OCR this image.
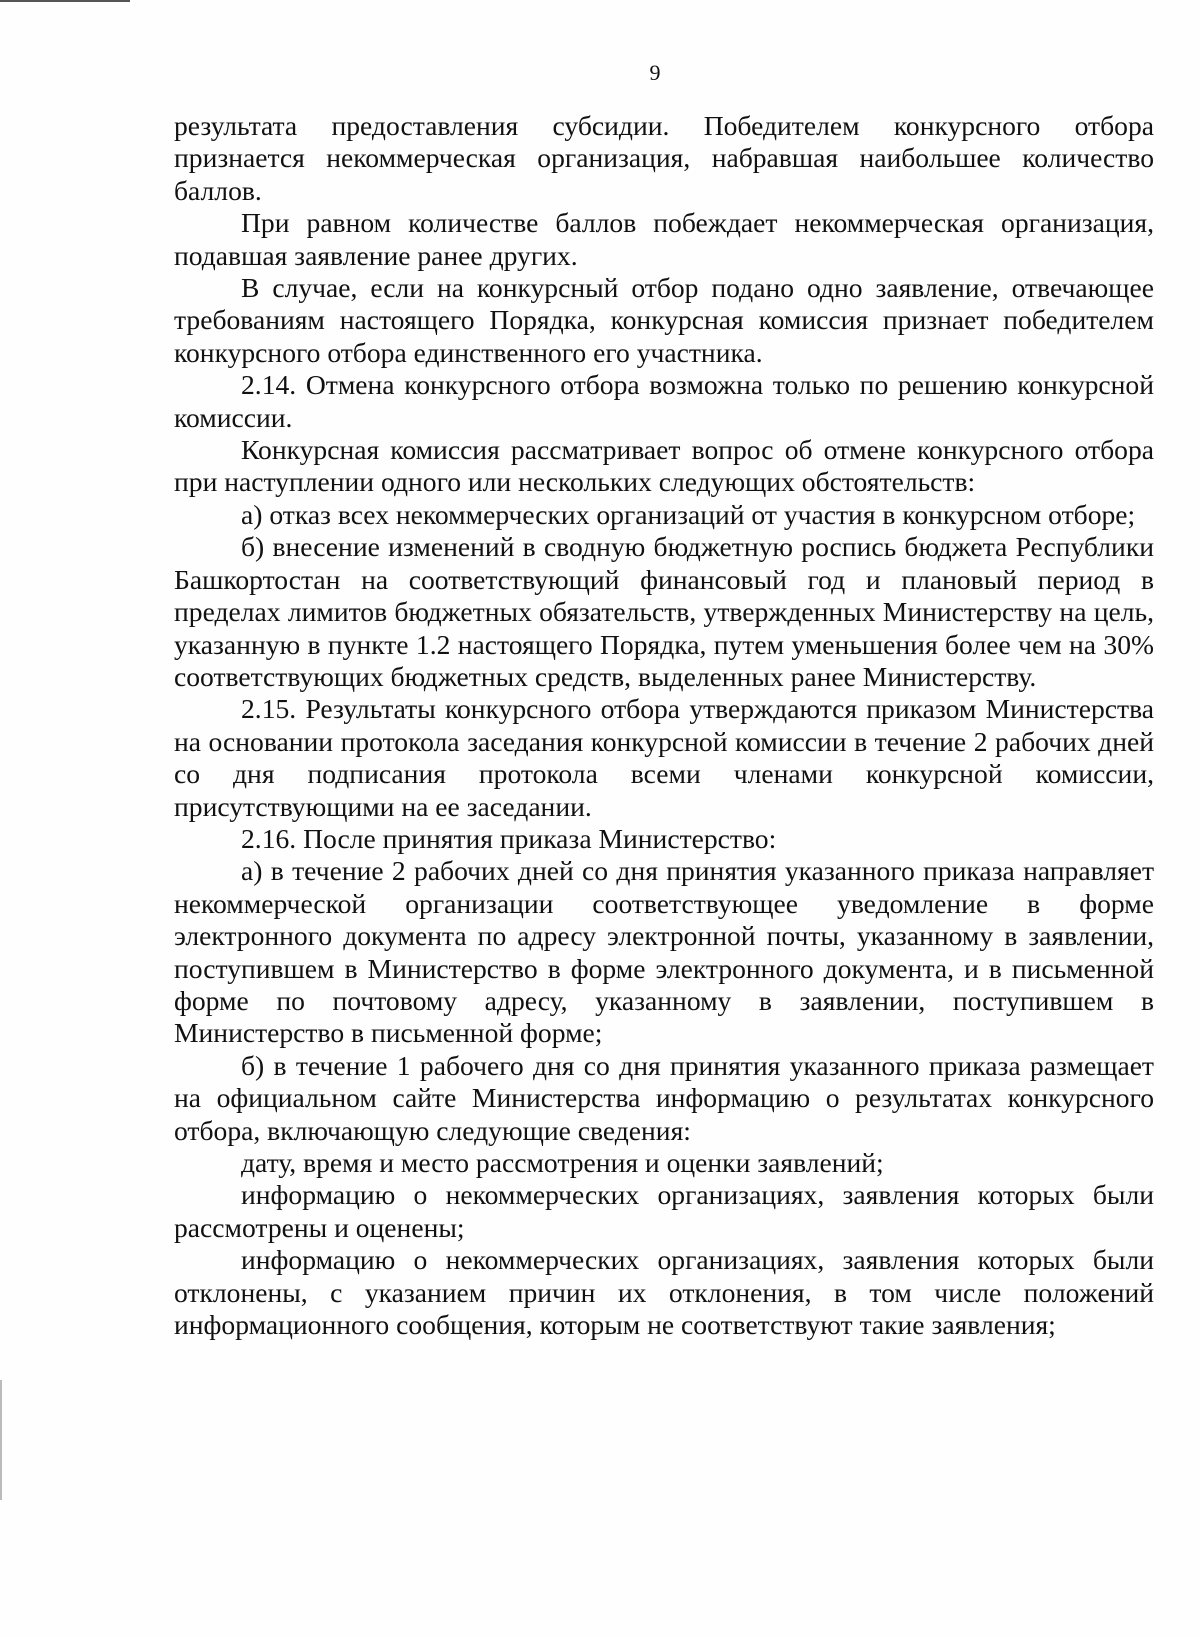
9

результата предоставления субсидии. Победителем конкурсного отбора признается некоммерческая организация, набравшая наибольшее количество баллов.

При равном количестве баллов побеждает некоммерческая организация, подавшая заявление ранее других.

В случае, если на конкурсный отбор подано одно заявление, отвечающее требованиям настоящего Порядка, конкурсная комиссия признает победителем конкурсного отбора единственного его участника.

2.14. Отмена конкурсного отбора возможна только по решению конкурсной комиссии.

Конкурсная комиссия рассматривает вопрос об отмене конкурсного отбора при наступлении одного или нескольких следующих обстоятельств:

а) отказ всех некоммерческих организаций от участия в конкурсном отборе;

б) внесение изменений в сводную бюджетную роспись бюджета Республики Башкортостан на соответствующий финансовый год и плановый период в пределах лимитов бюджетных обязательств, утвержденных Министерству на цель, указанную в пункте 1.2 настоящего Порядка, путем уменьшения более чем на 30% соответствующих бюджетных средств, выделенных ранее Министерству.

2.15. Результаты конкурсного отбора утверждаются приказом Министерства на основании протокола заседания конкурсной комиссии в течение 2 рабочих дней со дня подписания протокола всеми членами конкурсной комиссии, присутствующими на ее заседании.

2.16. После принятия приказа Министерство:

а) в течение 2 рабочих дней со дня принятия указанного приказа направляет некоммерческой организации соответствующее уведомление в форме электронного документа по адресу электронной почты, указанному в заявлении, поступившем в Министерство в форме электронного документа, и в письменной форме по почтовому адресу, указанному в заявлении, поступившем в Министерство в письменной форме;

б) в течение 1 рабочего дня со дня принятия указанного приказа размещает на официальном сайте Министерства информацию о результатах конкурсного отбора, включающую следующие сведения:

дату, время и место рассмотрения и оценки заявлений;

информацию о некоммерческих организациях, заявления которых были рассмотрены и оценены;

информацию о некоммерческих организациях, заявления которых были отклонены, с указанием причин их отклонения, в том числе положений информационного сообщения, которым не соответствуют такие заявления;
